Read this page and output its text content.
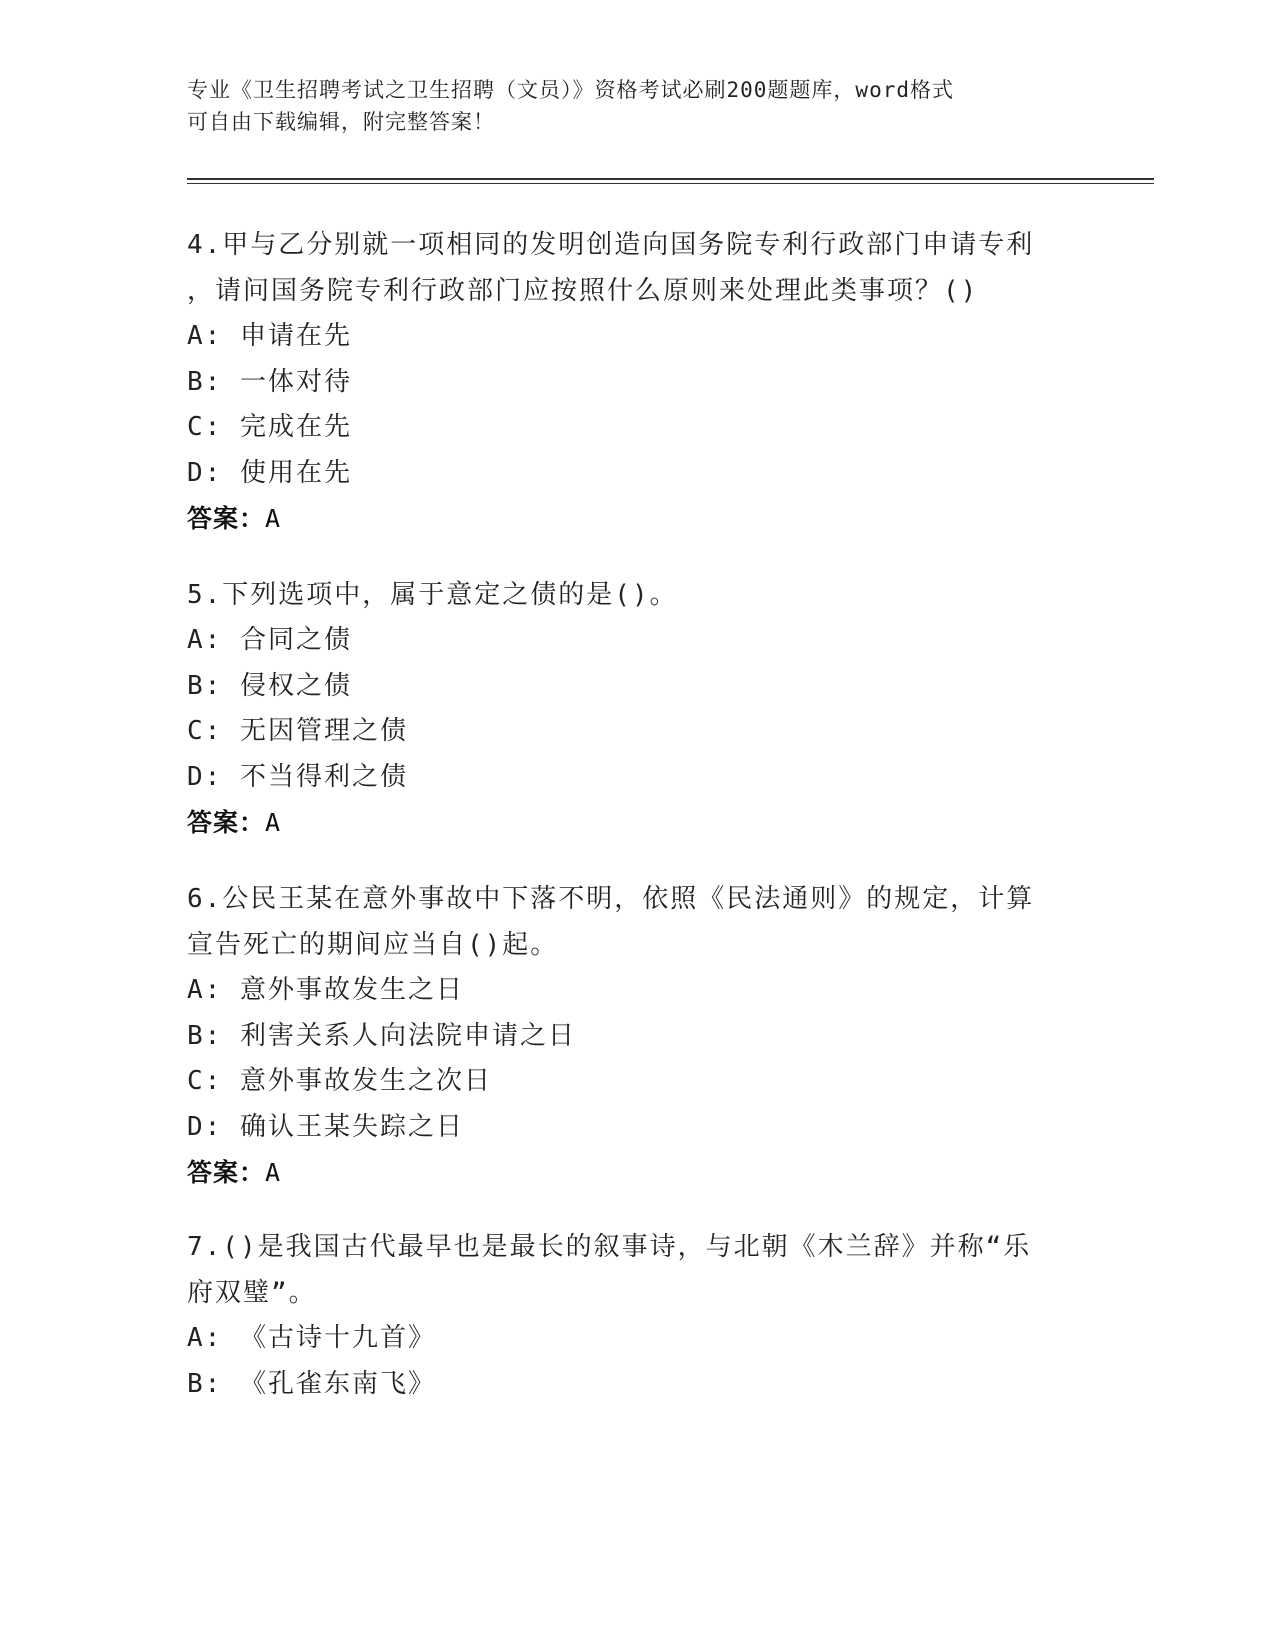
专业《卫生招聘考试之卫生招聘（文员）》资格考试必刷200题题库，word格式
可自由下载编辑，附完整答案！
4.甲与乙分别就一项相同的发明创造向国务院专利行政部门申请专利
，请问国务院专利行政部门应按照什么原则来处理此类事项？()
A: 申请在先
B: 一体对待
C: 完成在先
D: 使用在先
答案：A
5.下列选项中，属于意定之债的是()。
A: 合同之债
B: 侵权之债
C: 无因管理之债
D: 不当得利之债
答案：A
6.公民王某在意外事故中下落不明，依照《民法通则》的规定，计算
宣告死亡的期间应当自()起。
A: 意外事故发生之日
B: 利害关系人向法院申请之日
C: 意外事故发生之次日
D: 确认王某失踪之日
答案：A
7.()是我国古代最早也是最长的叙事诗，与北朝《木兰辞》并称“乐
府双璧”。
A: 《古诗十九首》
B: 《孔雀东南飞》
